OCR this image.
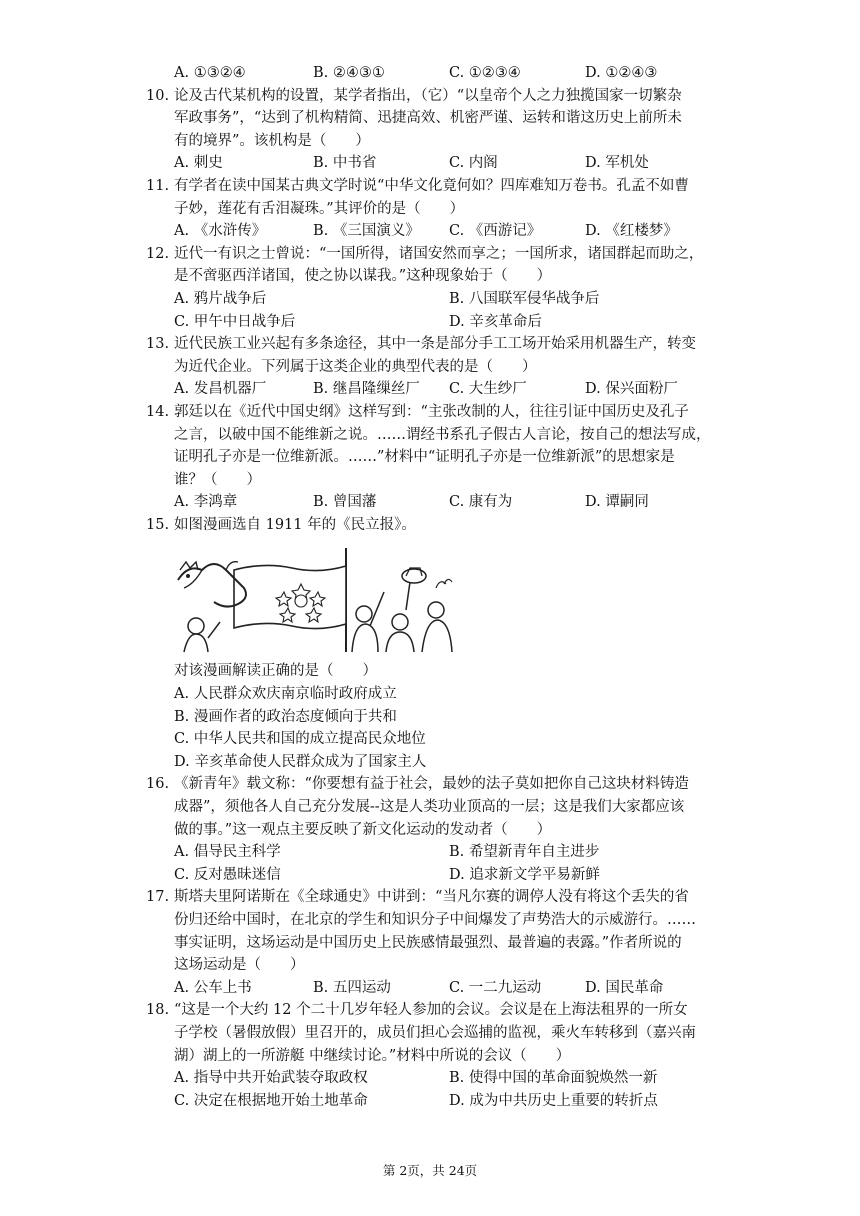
A. ①③②④	B. ②④③①	C. ①②③④	D. ①②④③
10. 论及古代某机构的设置，某学者指出，（它）“以皇帝个人之力独揽国家一切繁杂
军政事务”，“达到了机构精简、迅捷高效、机密严谨、运转和谐这历史上前所未
有的境界”。该机构是（　　）
A. 刺史	B. 中书省	C. 内阁	D. 军机处
11. 有学者在读中国某古典文学时说“中华文化竟何如？四库难知万卷书。孔孟不如曹
子妙，莲花有舌泪凝珠。”其评价的是（　　）
A. 《水浒传》	B. 《三国演义》 C. 《西游记》	D. 《红楼梦》
12. 近代一有识之士曾说：“一国所得，诸国安然而享之；一国所求，诸国群起而助之，
是不啻驱西洋诸国，使之协以谋我。”这种现象始于（　　）
A. 鸦片战争后	B. 八国联军侵华战争后
C. 甲午中日战争后	D. 辛亥革命后
13. 近代民族工业兴起有多条途径，其中一条是部分手工工场开始采用机器生产，转变
为近代企业。下列属于这类企业的典型代表的是（　　）
A. 发昌机器厂	B. 继昌隆缫丝厂 C. 大生纱厂	D. 保兴面粉厂
14. 郭廷以在《近代中国史纲》这样写到：“主张改制的人，往往引证中国历史及孔子
之言，以破中国不能维新之说。……谓经书系孔子假古人言论，按自己的想法写成，
证明孔子亦是一位维新派。……”材料中“证明孔子亦是一位维新派”的思想家是
谁？（　　）
A. 李鸿章	B. 曾国藩	C. 康有为	D. 谭嗣同
15. 如图漫画选自 1911 年的《民立报》。
对该漫画解读正确的是（　　）
A. 人民群众欢庆南京临时政府成立
B. 漫画作者的政治态度倾向于共和
C. 中华人民共和国的成立提高民众地位
D. 辛亥革命使人民群众成为了国家主人
16. 《新青年》载文称：“你要想有益于社会，最妙的法子莫如把你自己这块材料铸造
成器”，须他各人自己充分发展--这是人类功业顶高的一层；这是我们大家都应该
做的事。”这一观点主要反映了新文化运动的发动者（　　）
A. 倡导民主科学	B. 希望新青年自主进步
C. 反对愚昧迷信	D. 追求新文学平易新鲜
17. 斯塔夫里阿诺斯在《全球通史》中讲到：“当凡尔赛的调停人没有将这个丢失的省
份归还给中国时，在北京的学生和知识分子中间爆发了声势浩大的示威游行。……
事实证明，这场运动是中国历史上民族感情最强烈、最普遍的表露。”作者所说的
这场运动是（　　）
A. 公车上书	B. 五四运动	C. 一二九运动	D. 国民革命
18. “这是一个大约 12 个二十几岁年轻人参加的会议。会议是在上海法租界的一所女
子学校（暑假放假）里召开的，成员们担心会巡捕的监视，乘火车转移到（嘉兴南
湖）湖上的一所游艇 中继续讨论。”材料中所说的会议（　　）
A. 指导中共开始武装夺取政权	B. 使得中国的革命面貌焕然一新
C. 决定在根据地开始土地革命	D. 成为中共历史上重要的转折点
第 2页，共 24页
